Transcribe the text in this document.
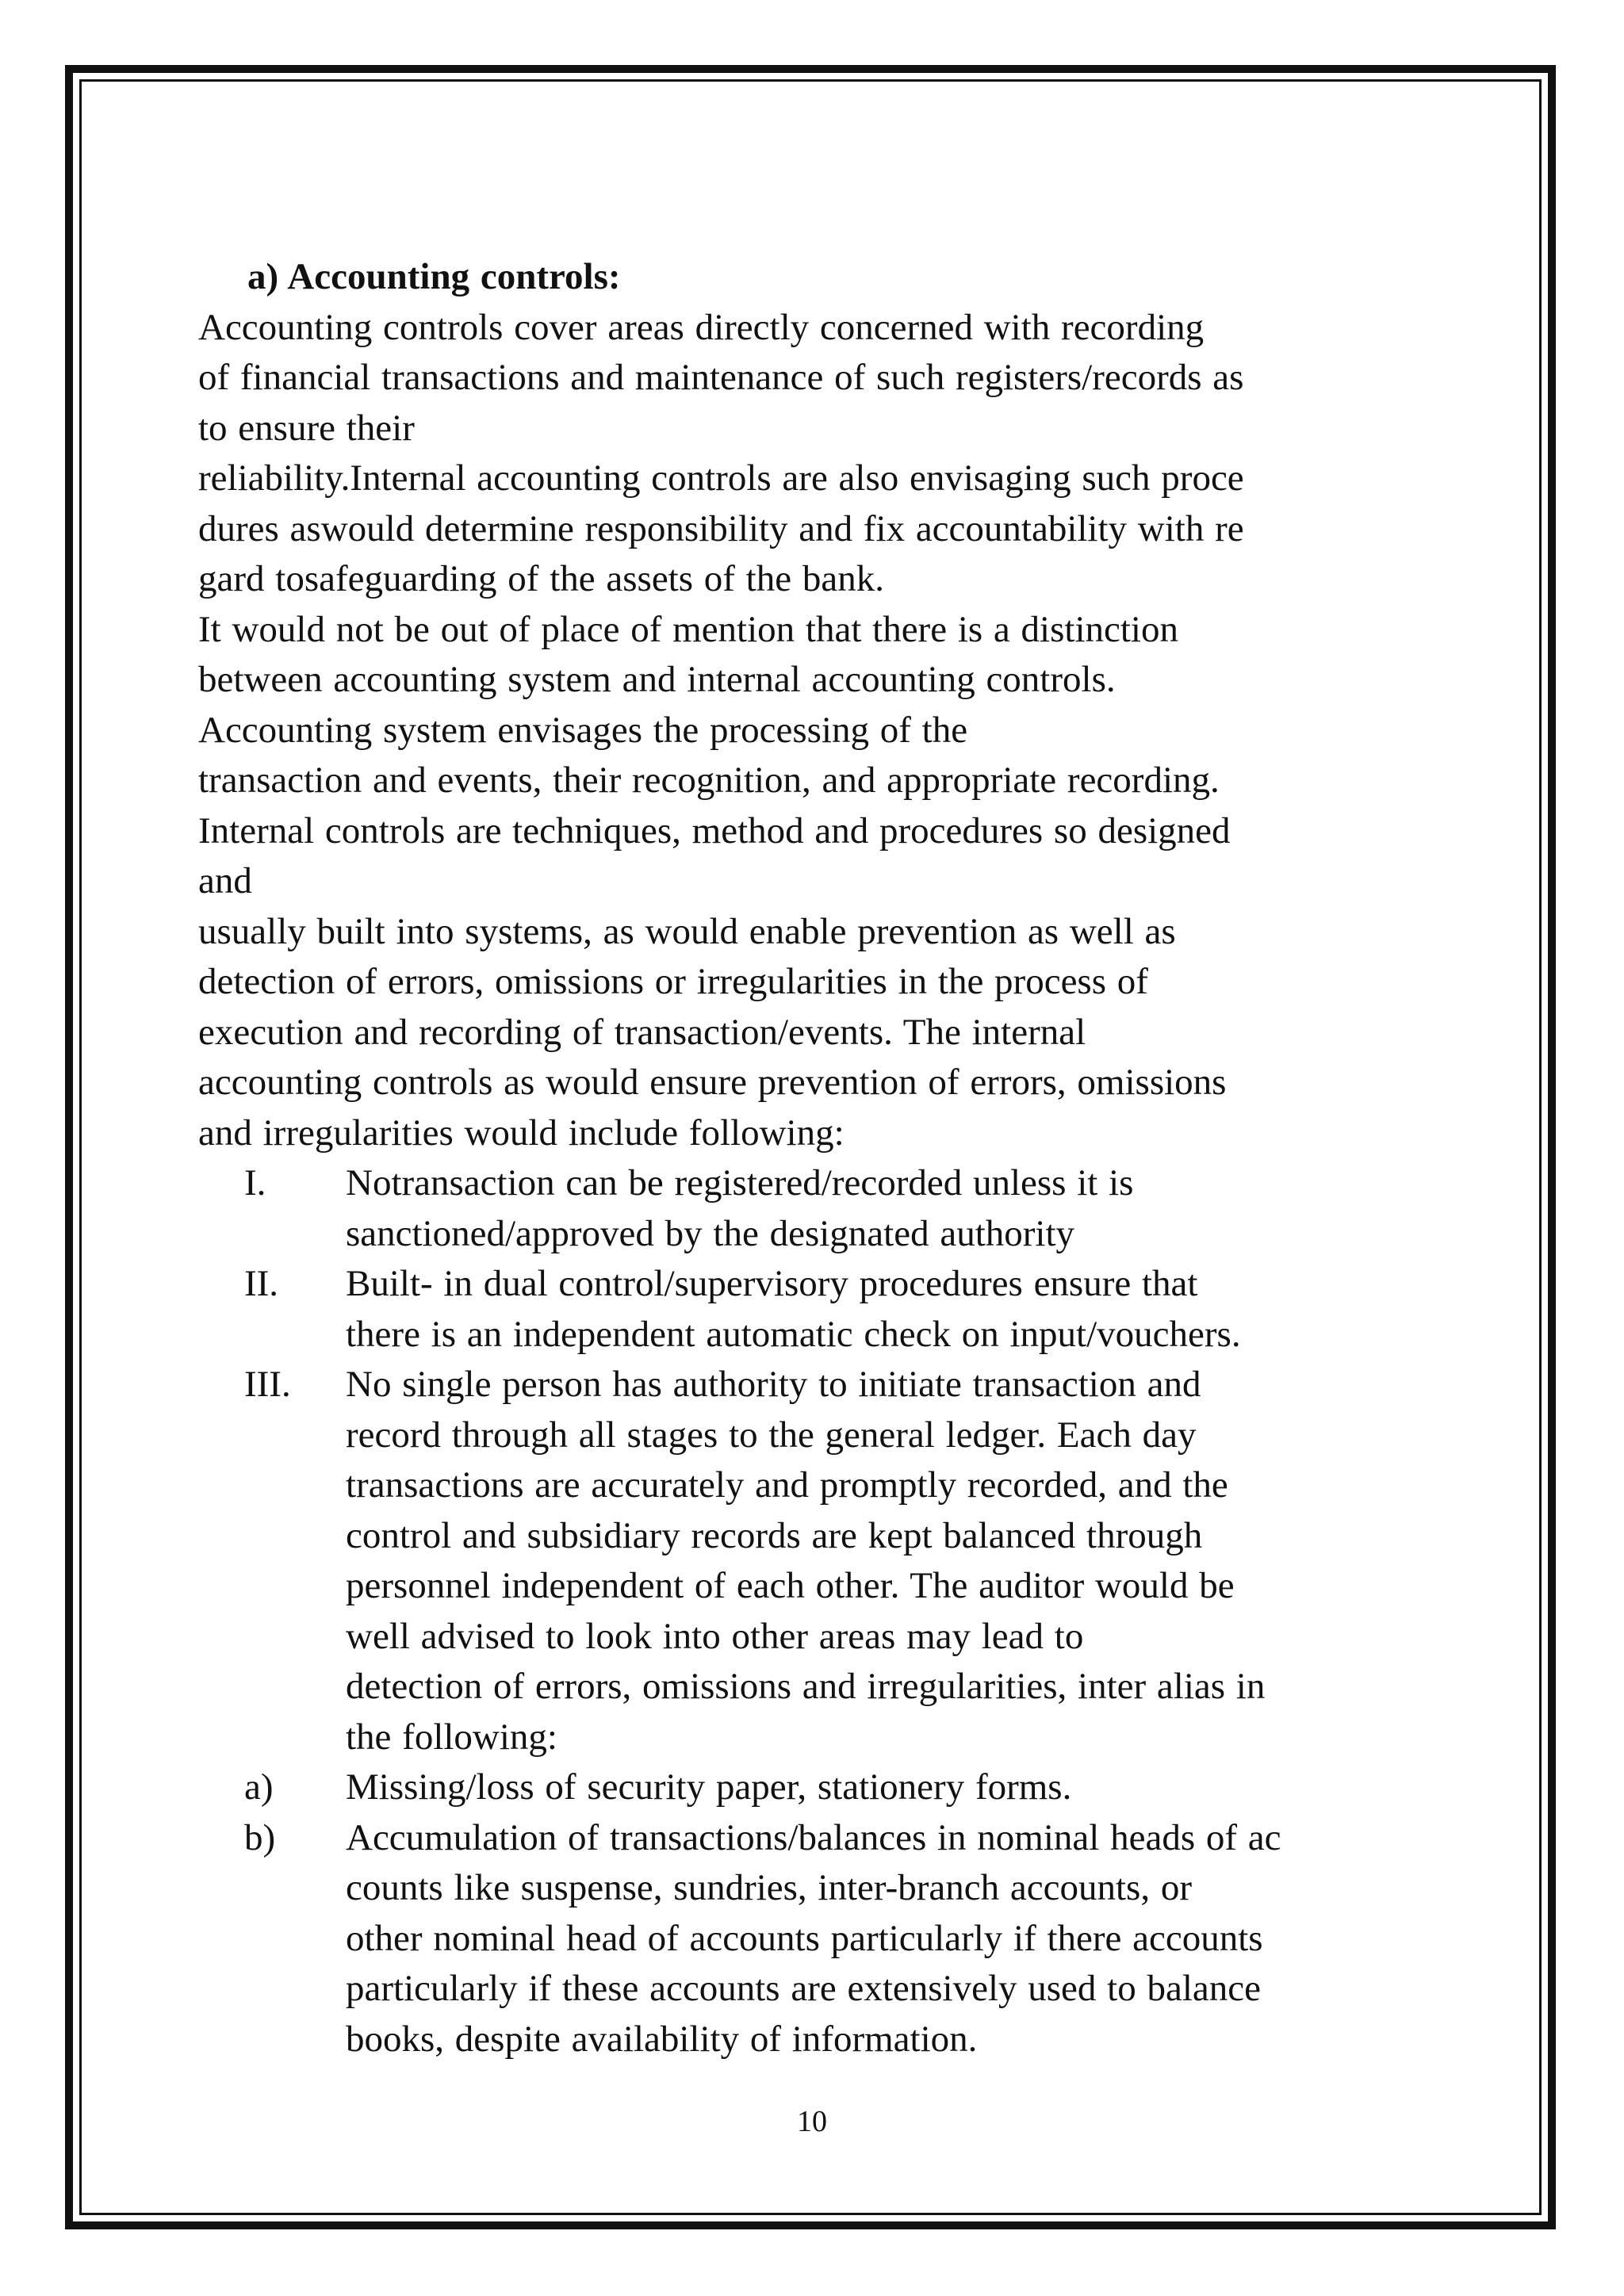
a) Accounting controls:
Accounting controls cover areas directly concerned with recording
of financial transactions and maintenance of such registers/records as
to ensure their
reliability.Internal accounting controls are also envisaging such proce
dures aswould determine responsibility and fix accountability with re
gard tosafeguarding of the assets of the bank.
It would not be out of place of mention that there is a distinction
between accounting system and internal accounting controls.
Accounting system envisages the processing of the
transaction and events, their recognition, and appropriate recording.
Internal controls are techniques, method and procedures so designed
and
usually built into systems, as would enable prevention as well as
detection of errors, omissions or irregularities in the process of
execution and recording of transaction/events. The internal
accounting controls as would ensure prevention of errors, omissions
and irregularities would include following:
I. Notransaction can be registered/recorded unless it is
sanctioned/approved by the designated authority
II. Built- in dual control/supervisory procedures ensure that
there is an independent automatic check on input/vouchers.
III. No single person has authority to initiate transaction and
record through all stages to the general ledger. Each day
transactions are accurately and promptly recorded, and the
control and subsidiary records are kept balanced through
personnel independent of each other. The auditor would be
well advised to look into other areas may lead to
detection of errors, omissions and irregularities, inter alias in
the following:
a) Missing/loss of security paper, stationery forms.
b) Accumulation of transactions/balances in nominal heads of ac
counts like suspense, sundries, inter-branch accounts, or
other nominal head of accounts particularly if there accounts
particularly if these accounts are extensively used to balance
books, despite availability of information.
10
